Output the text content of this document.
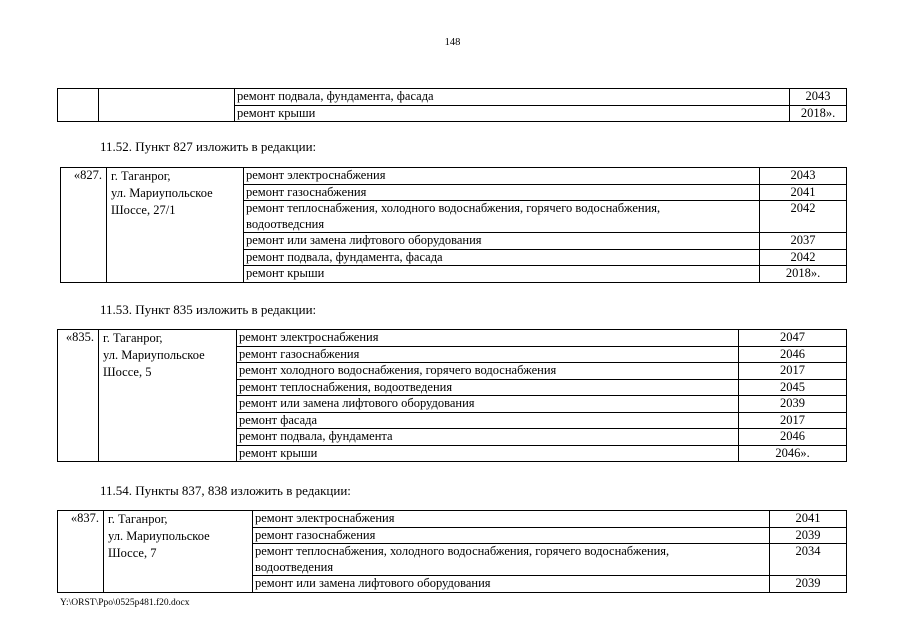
148
		ремонт подвала, фундамента, фасада	2043
		ремонт крыши	2018».
11.52. Пункт 827 изложить в редакции:
«827.	г. Таганрог,
ул. Мариупольское
Шоссе, 27/1	ремонт электроснабжения	2043
		ремонт газоснабжения	2041

		ремонт теплоснабжения, холодного водоснабжения, горячего водоснабжения,
водоотведсния	2042
		ремонт или замена лифтового оборудования	2037
		ремонт подвала, фундамента, фасада	2042
		ремонт крыши	2018».
11.53. Пункт 835 изложить в редакции:
«835.	г. Таганрог,
ул. Мариупольское
Шоссе, 5	ремонт электроснабжения	2047
		ремонт газоснабжения	2046
		ремонт холодного водоснабжения, горячего водоснабжения	2017
		ремонт теплоснабжения, водоотведения	2045
		ремонт или замена лифтового оборудования	2039
		ремонт фасада	2017
		ремонт подвала, фундамента	2046
		ремонт крыши	2046».
11.54. Пункты 837, 838 изложить в редакции:
«837.	г. Таганрог,
ул. Мариупольское
Шоссе, 7	ремонт электроснабжения	2041
		ремонт газоснабжения	2039

		ремонт теплоснабжения, холодного водоснабжения, горячего водоснабжения,
водоотведения	2034
		ремонт или замена лифтового оборудования	2039
Y:\ORST\Ppo\0525p481.f20.docx
